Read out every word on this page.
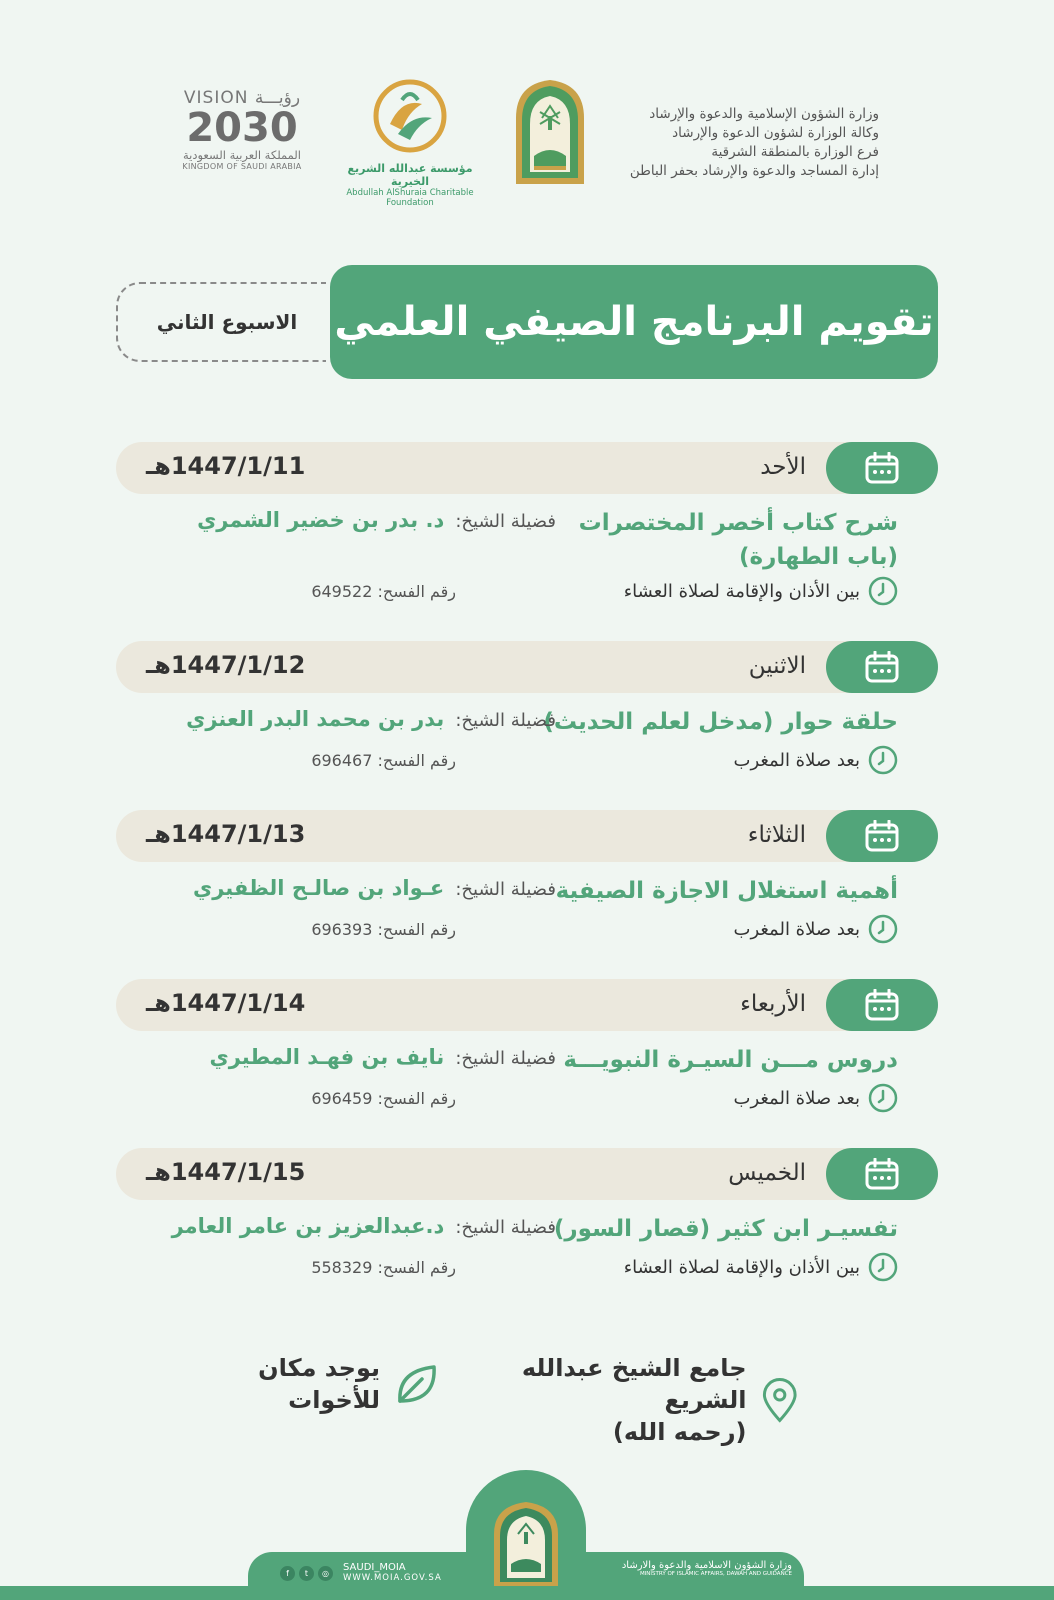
وزارة الشؤون الإسلامية والدعوة والإرشاد
وكالة الوزارة لشؤون الدعوة والإرشاد
فرع الوزارة بالمنطقة الشرقية
إدارة المساجد والدعوة والإرشاد بحفر الباطن
مؤسسة عبدالله الشريع الخيرية
Abdullah AlShuraia Charitable Foundation
VISION رؤيـــة
2030
المملكة العربية السعودية
KINGDOM OF SAUDI ARABIA
تقويم البرنامج الصيفي العلمي
الاسبوع الثاني
الأحد
1447/1/11هـ
شرح كتاب أخصر المختصرات (باب الطهارة)
فضيلة الشيخ: د. بدر بن خضير الشمري
بين الأذان والإقامة لصلاة العشاء
رقم الفسح: 649522
الاثنين
1447/1/12هـ
حلقة حوار (مدخل لعلم الحديث)
فضيلة الشيخ: بدر بن محمد البدر العنزي
بعد صلاة المغرب
رقم الفسح: 696467
الثلاثاء
1447/1/13هـ
أهمية استغلال الاجازة الصيفية
فضيلة الشيخ: عـواد بن صالـح الظفيري
بعد صلاة المغرب
رقم الفسح: 696393
الأربعاء
1447/1/14هـ
دروس مـــن السيـرة النبويـــة
فضيلة الشيخ: نايف بن فهـد المطيري
بعد صلاة المغرب
رقم الفسح: 696459
الخميس
1447/1/15هـ
تفسيـر ابن كثير (قصار السور)
فضيلة الشيخ: د.عبدالعزيز بن عامر العامر
بين الأذان والإقامة لصلاة العشاء
رقم الفسح: 558329
جامع الشيخ عبدالله الشريع
(رحمه الله)
يوجد مكان
للأخوات
وزارة الشؤون الاسلامية والدعوة والارشاد
MINISTRY OF ISLAMIC AFFAIRS, DAWAH AND GUIDANCE
f	t	◎	SAUDI_MOIA
WWW.MOIA.GOV.SA
